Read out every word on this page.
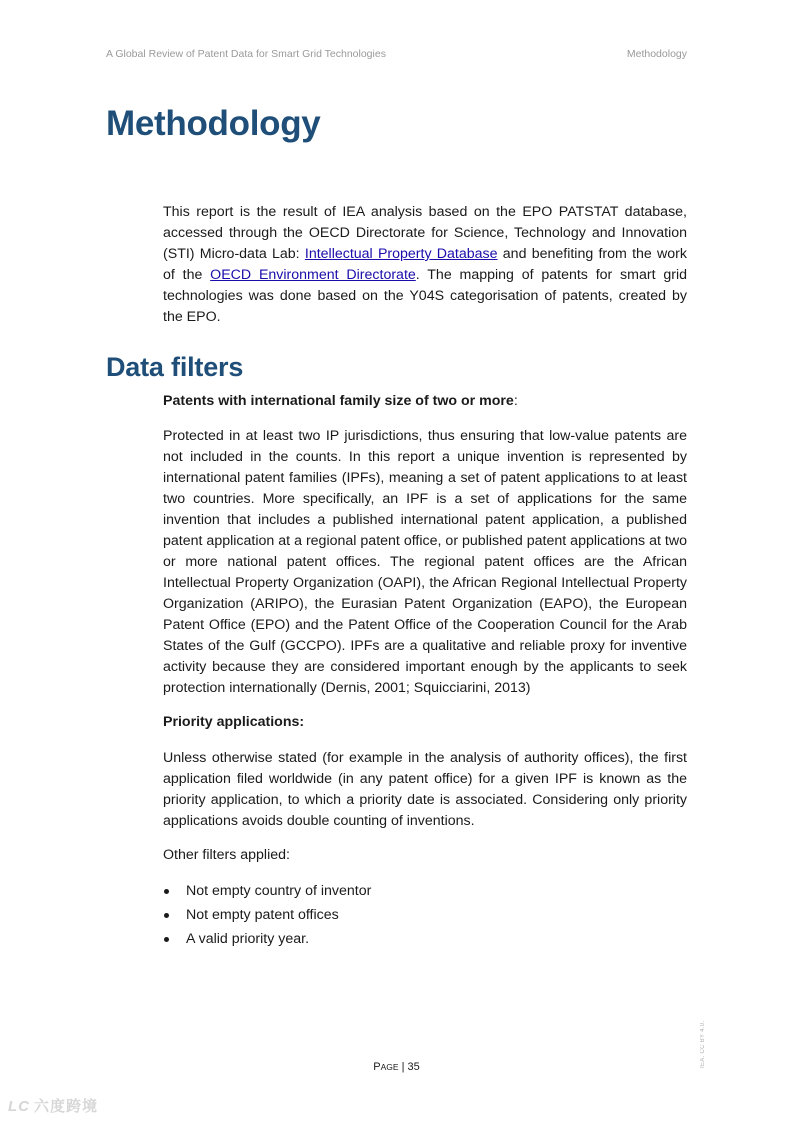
A Global Review of Patent Data for Smart Grid Technologies	Methodology
Methodology

This report is the result of IEA analysis based on the EPO PATSTAT database, accessed through the OECD Directorate for Science, Technology and Innovation (STI) Micro-data Lab: Intellectual Property Database and benefiting from the work of the OECD Environment Directorate. The mapping of patents for smart grid technologies was done based on the Y04S categorisation of patents, created by the EPO.

Data filters

Patents with international family size of two or more:

Protected in at least two IP jurisdictions, thus ensuring that low-value patents are not included in the counts. In this report a unique invention is represented by international patent families (IPFs), meaning a set of patent applications to at least two countries. More specifically, an IPF is a set of applications for the same invention that includes a published international patent application, a published patent application at a regional patent office, or published patent applications at two or more national patent offices. The regional patent offices are the African Intellectual Property Organization (OAPI), the African Regional Intellectual Property Organization (ARIPO), the Eurasian Patent Organization (EAPO), the European Patent Office (EPO) and the Patent Office of the Cooperation Council for the Arab States of the Gulf (GCCPO). IPFs are a qualitative and reliable proxy for inventive activity because they are considered important enough by the applicants to seek protection internationally (Dernis, 2001; Squicciarini, 2013)

Priority applications:

Unless otherwise stated (for example in the analysis of authority offices), the first application filed worldwide (in any patent office) for a given IPF is known as the priority application, to which a priority date is associated. Considering only priority applications avoids double counting of inventions.

Other filters applied:

Not empty country of inventor
Not empty patent offices
A valid priority year.
IEA. CC BY 4.0.
PAGE | 35
LC 六度跨境
